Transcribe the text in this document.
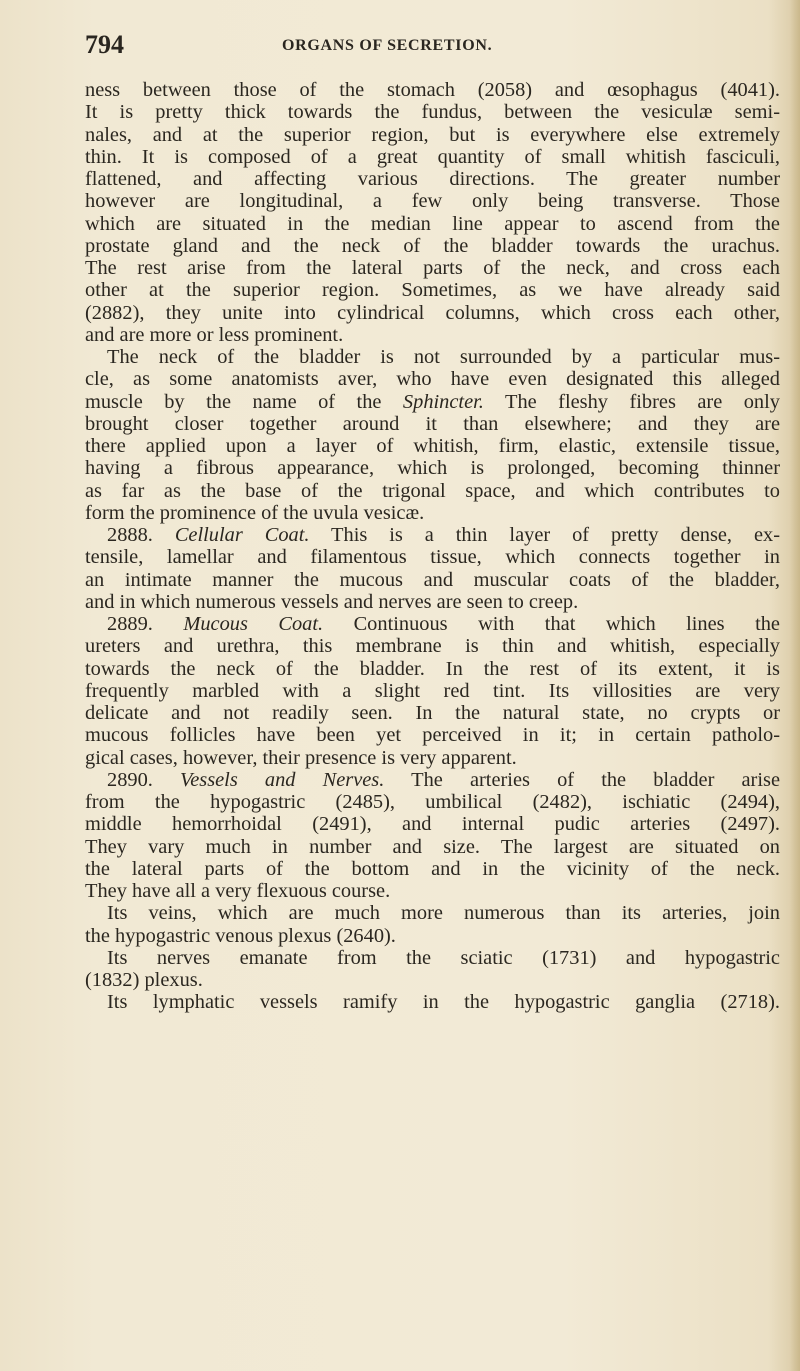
794	ORGANS OF SECRETION.
ness between those of the stomach (2058) and œsophagus (4041).
It is pretty thick towards the fundus, between the vesiculæ semi-
nales, and at the superior region, but is everywhere else extremely
thin. It is composed of a great quantity of small whitish fasciculi,
flattened, and affecting various directions. The greater number
however are longitudinal, a few only being transverse. Those
which are situated in the median line appear to ascend from the
prostate gland and the neck of the bladder towards the urachus.
The rest arise from the lateral parts of the neck, and cross each
other at the superior region. Sometimes, as we have already said
(2882), they unite into cylindrical columns, which cross each other,
and are more or less prominent.
The neck of the bladder is not surrounded by a particular mus-
cle, as some anatomists aver, who have even designated this alleged
muscle by the name of the Sphincter. The fleshy fibres are only
brought closer together around it than elsewhere; and they are
there applied upon a layer of whitish, firm, elastic, extensile tissue,
having a fibrous appearance, which is prolonged, becoming thinner
as far as the base of the trigonal space, and which contributes to
form the prominence of the uvula vesicæ.
2888. Cellular Coat. This is a thin layer of pretty dense, ex-
tensile, lamellar and filamentous tissue, which connects together in
an intimate manner the mucous and muscular coats of the bladder,
and in which numerous vessels and nerves are seen to creep.
2889. Mucous Coat. Continuous with that which lines the
ureters and urethra, this membrane is thin and whitish, especially
towards the neck of the bladder. In the rest of its extent, it is
frequently marbled with a slight red tint. Its villosities are very
delicate and not readily seen. In the natural state, no crypts or
mucous follicles have been yet perceived in it; in certain patholo-
gical cases, however, their presence is very apparent.
2890. Vessels and Nerves. The arteries of the bladder arise
from the hypogastric (2485), umbilical (2482), ischiatic (2494),
middle hemorrhoidal (2491), and internal pudic arteries (2497).
They vary much in number and size. The largest are situated on
the lateral parts of the bottom and in the vicinity of the neck.
They have all a very flexuous course.
Its veins, which are much more numerous than its arteries, join
the hypogastric venous plexus (2640).
Its nerves emanate from the sciatic (1731) and hypogastric
(1832) plexus.
Its lymphatic vessels ramify in the hypogastric ganglia (2718).
